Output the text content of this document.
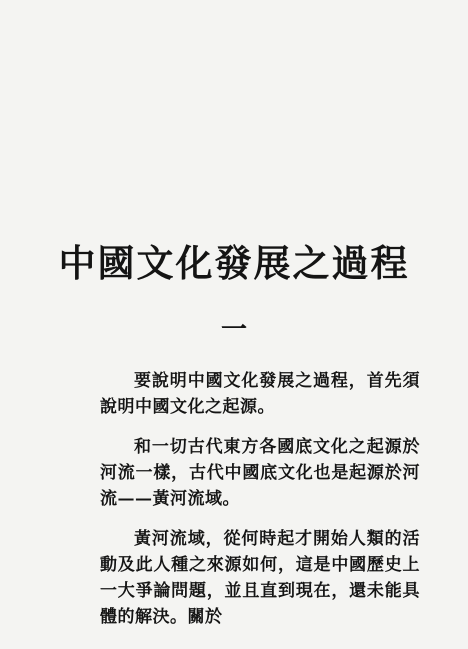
中國文化發展之過程
一

要說明中國文化發展之過程，首先須說明中國文化之起源。

和一切古代東方各國底文化之起源於河流一樣，古代中國底文化也是起源於河流——黃河流域。

黃河流域，從何時起才開始人類的活動及此人種之來源如何，這是中國歷史上一大爭論問題，並且直到現在，還未能具體的解決。關於
